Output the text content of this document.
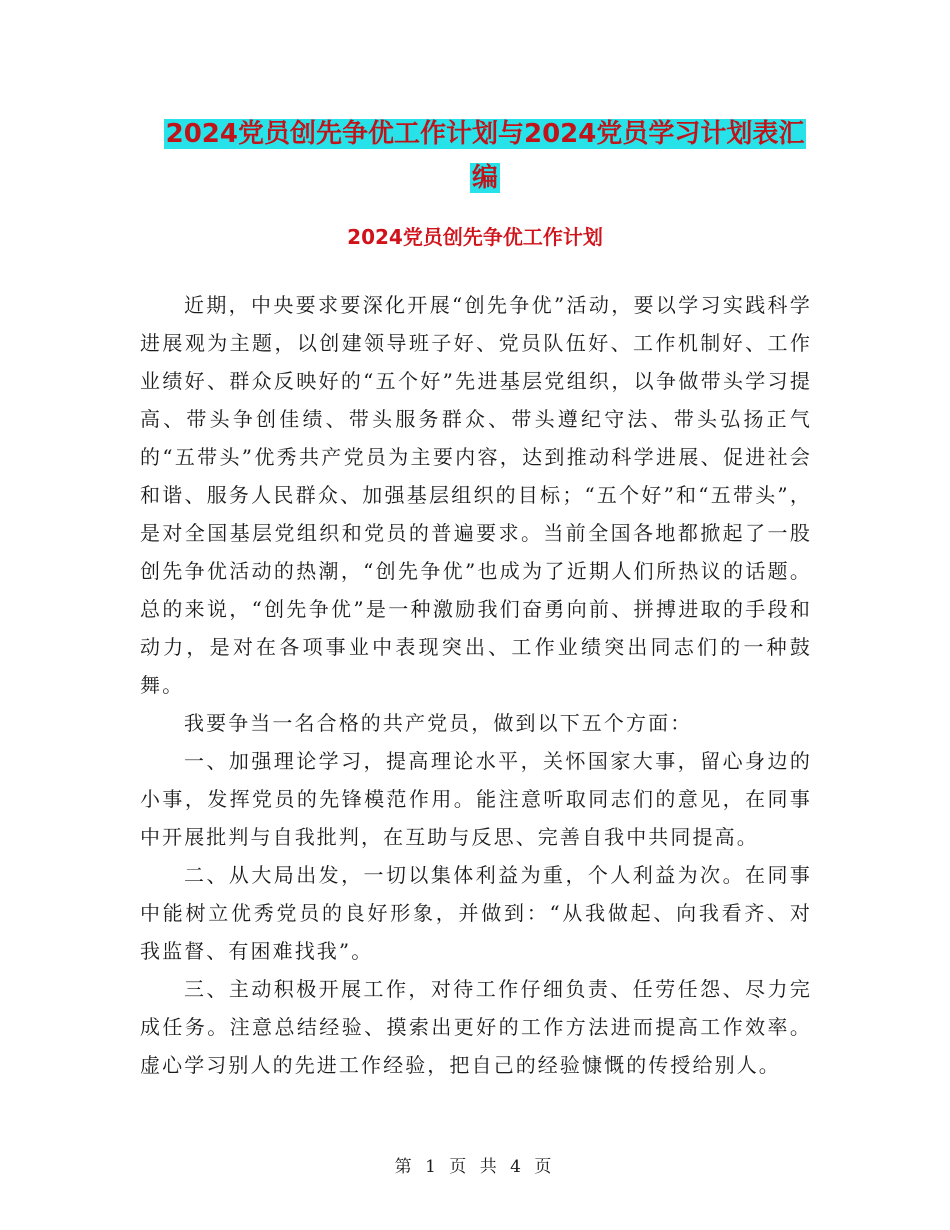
2024党员创先争优工作计划与2024党员学习计划表汇
编
2024党员创先争优工作计划

近期，中央要求要深化开展“创先争优”活动，要以学习实践科学进展观为主题，以创建领导班子好、党员队伍好、工作机制好、工作业绩好、群众反映好的“五个好”先进基层党组织，以争做带头学习提高、带头争创佳绩、带头服务群众、带头遵纪守法、带头弘扬正气的“五带头”优秀共产党员为主要内容，达到推动科学进展、促进社会和谐、服务人民群众、加强基层组织的目标；“五个好”和“五带头”，是对全国基层党组织和党员的普遍要求。当前全国各地都掀起了一股创先争优活动的热潮，“创先争优”也成为了近期人们所热议的话题。总的来说，“创先争优”是一种激励我们奋勇向前、拼搏进取的手段和动力，是对在各项事业中表现突出、工作业绩突出同志们的一种鼓舞。

我要争当一名合格的共产党员，做到以下五个方面：

一、加强理论学习，提高理论水平，关怀国家大事，留心身边的小事，发挥党员的先锋模范作用。能注意听取同志们的意见，在同事中开展批判与自我批判，在互助与反思、完善自我中共同提高。

二、从大局出发，一切以集体利益为重，个人利益为次。在同事中能树立优秀党员的良好形象，并做到：“从我做起、向我看齐、对我监督、有困难找我”。

三、主动积极开展工作，对待工作仔细负责、任劳任怨、尽力完成任务。注意总结经验、摸索出更好的工作方法进而提高工作效率。虚心学习别人的先进工作经验，把自己的经验慷慨的传授给别人。

第 1 页 共 4 页
